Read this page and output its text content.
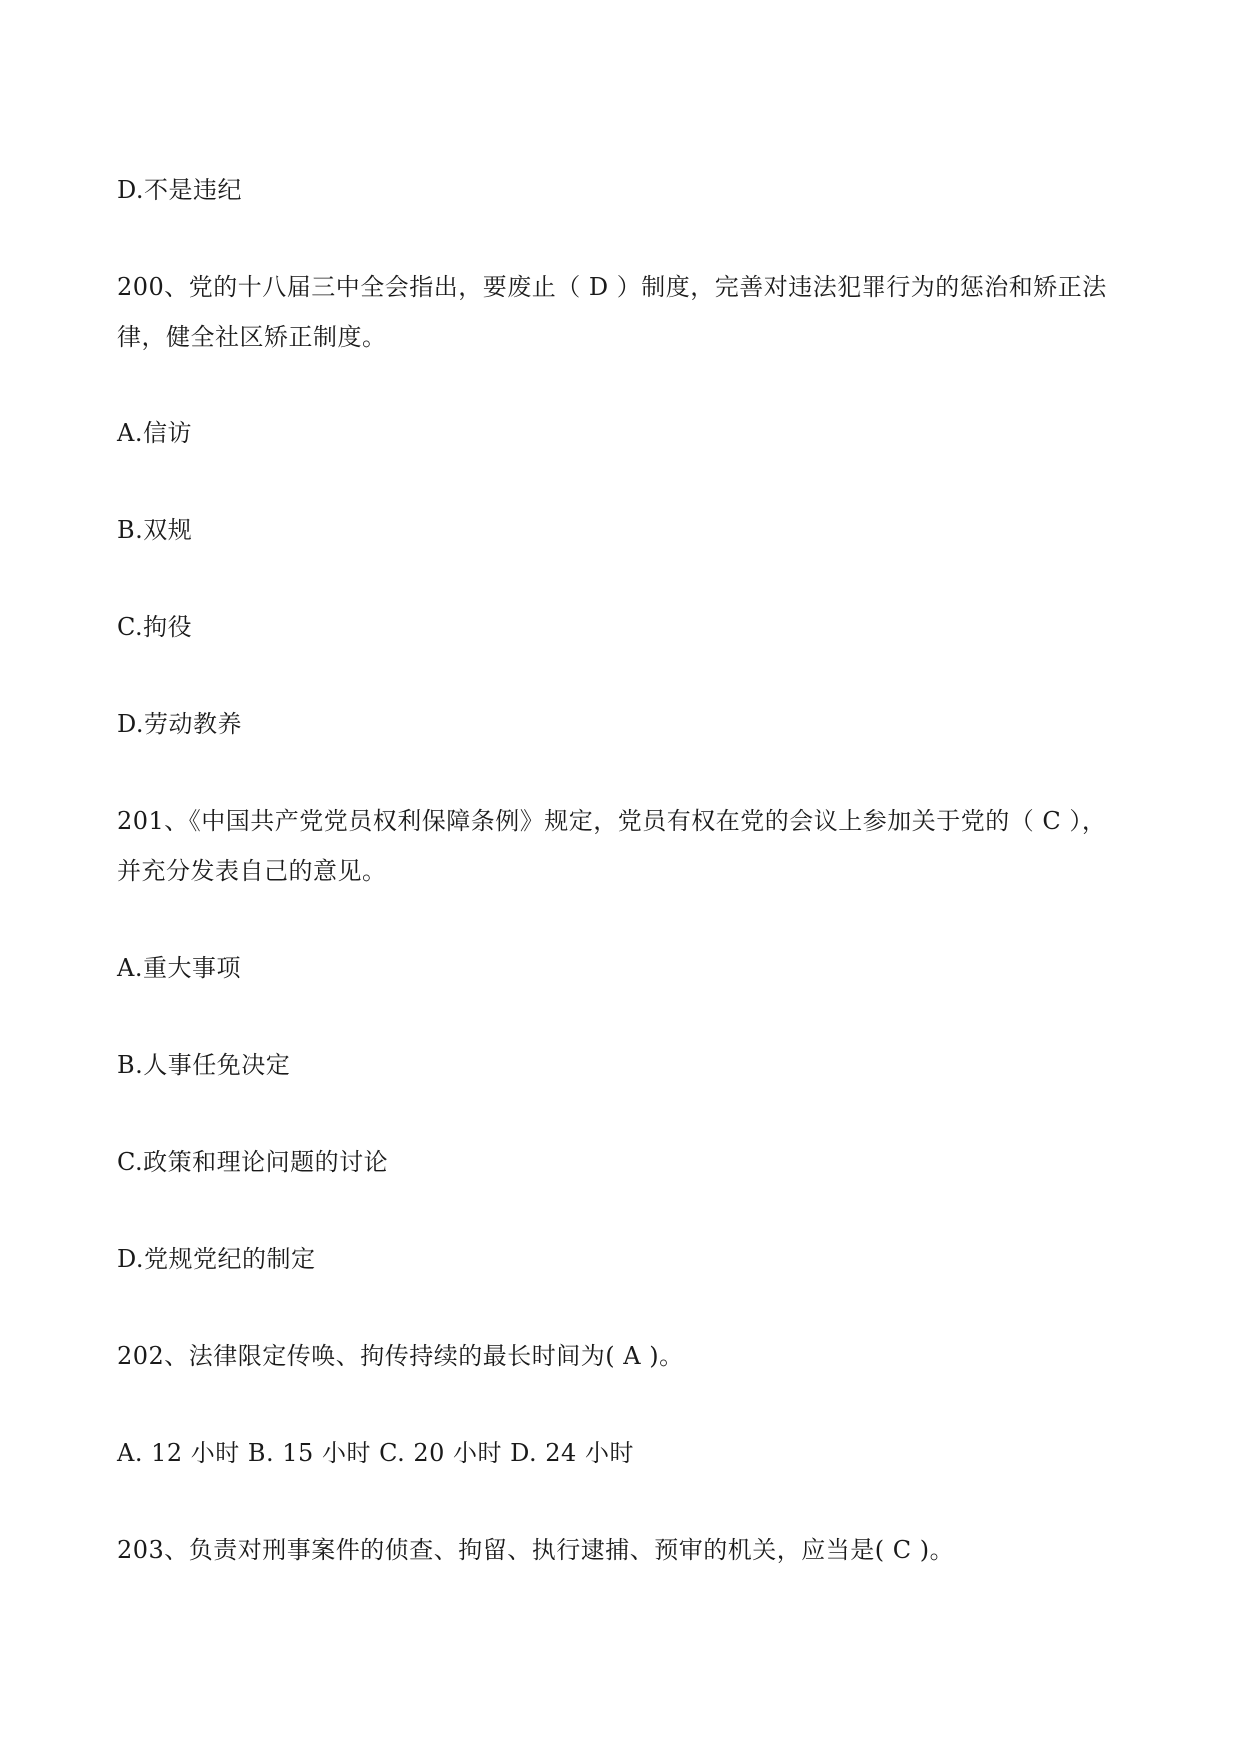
D.不是违纪
200、党的十八届三中全会指出，要废止（ D ）制度，完善对违法犯罪行为的惩治和矫正法
律，健全社区矫正制度。
A.信访
B.双规
C.拘役
D.劳动教养
201、《中国共产党党员权利保障条例》规定，党员有权在党的会议上参加关于党的（ C ），
并充分发表自己的意见。
A.重大事项
B.人事任免决定
C.政策和理论问题的讨论
D.党规党纪的制定
202、法律限定传唤、拘传持续的最长时间为( A )。
A. 12 小时 B. 15 小时 C. 20 小时 D. 24 小时
203、负责对刑事案件的侦查、拘留、执行逮捕、预审的机关，应当是( C )。
